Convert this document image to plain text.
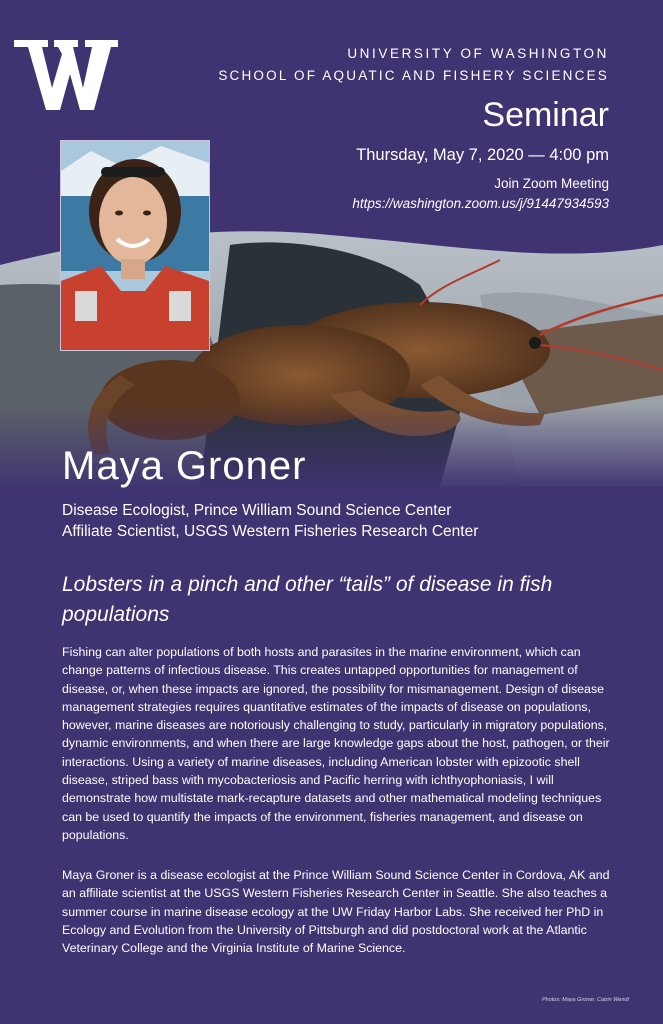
UNIVERSITY OF WASHINGTON
SCHOOL OF AQUATIC AND FISHERY SCIENCES
Seminar
Thursday, May 7, 2020 — 4:00 pm
Join Zoom Meeting
https://washington.zoom.us/j/91447934593
Maya Groner
Disease Ecologist, Prince William Sound Science Center
Affiliate Scientist, USGS Western Fisheries Research Center
Lobsters in a pinch and other “tails” of disease in fish populations

Fishing can alter populations of both hosts and parasites in the marine environment, which can change patterns of infectious disease. This creates untapped opportunities for management of disease, or, when these impacts are ignored, the possibility for mismanagement. Design of disease management strategies requires quantitative estimates of the impacts of disease on populations, however, marine diseases are notoriously challenging to study, particularly in migratory populations, dynamic environments, and when there are large knowledge gaps about the host, pathogen, or their interactions. Using a variety of marine diseases, including American lobster with epizootic shell disease, striped bass with mycobacteriosis and Pacific herring with ichthyophoniasis, I will demonstrate how multistate mark-recapture datasets and other mathematical modeling techniques can be used to quantify the impacts of the environment, fisheries management, and disease on populations.

Maya Groner is a disease ecologist at the Prince William Sound Science Center in Cordova, AK and an affiliate scientist at the USGS Western Fisheries Research Center in Seattle. She also teaches a summer course in marine disease ecology at the UW Friday Harbor Labs. She received her PhD in Ecology and Evolution from the University of Pittsburgh and did postdoctoral work at the Atlantic Veterinary College and the Virginia Institute of Marine Science.

Photos: Maya Groner, Catrin Wendt
